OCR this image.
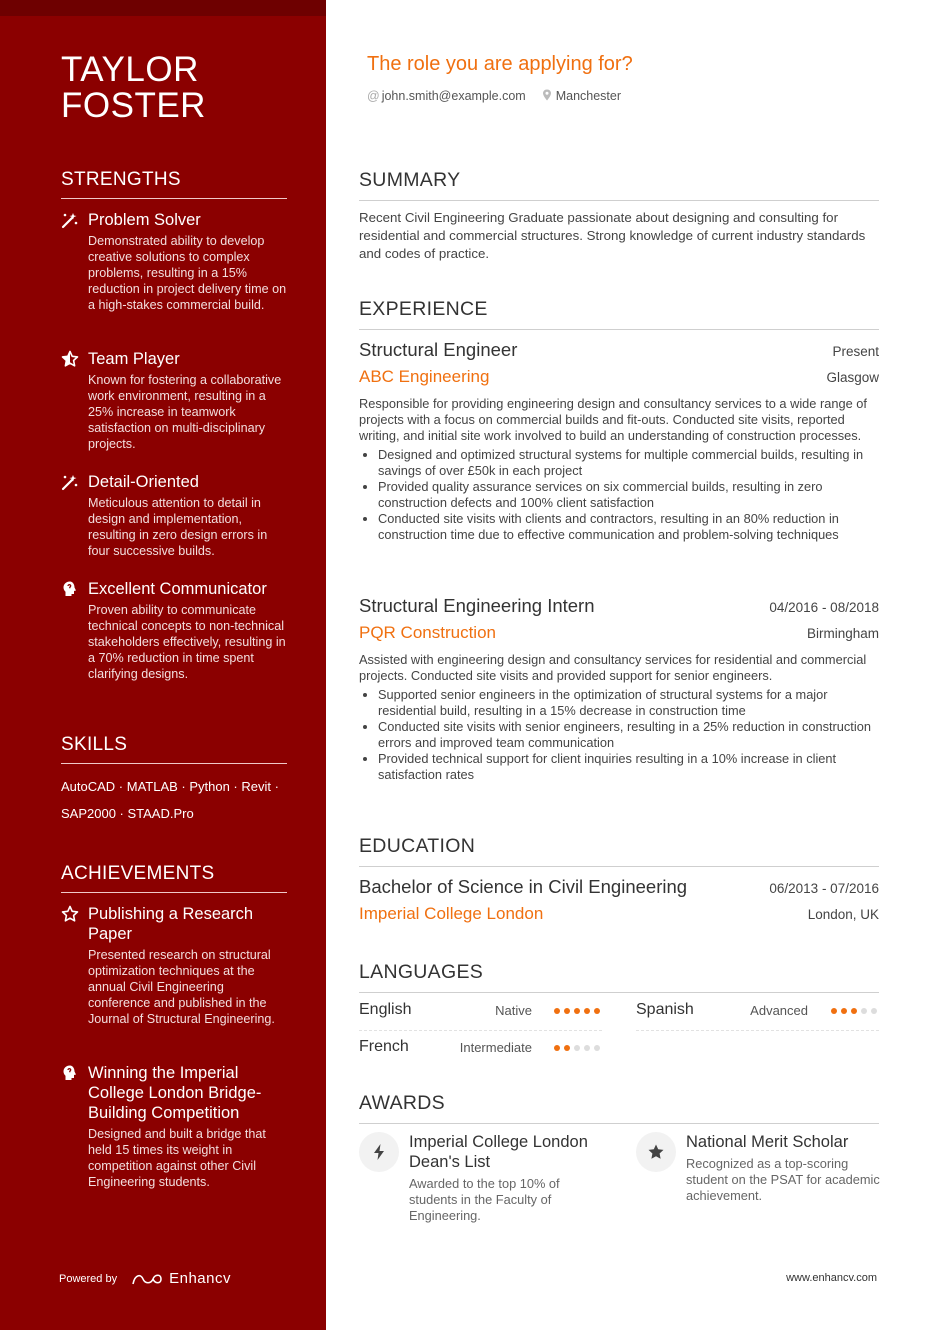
TAYLOR
FOSTER
STRENGTHS
Problem Solver
Demonstrated ability to develop creative solutions to complex problems, resulting in a 15% reduction in project delivery time on a high-stakes commercial build.
Team Player
Known for fostering a collaborative work environment, resulting in a 25% increase in teamwork satisfaction on multi-disciplinary projects.
Detail-Oriented
Meticulous attention to detail in design and implementation, resulting in zero design errors in four successive builds.
Excellent Communicator
Proven ability to communicate technical concepts to non-technical stakeholders effectively, resulting in a 70% reduction in time spent clarifying designs.
SKILLS
AutoCAD · MATLAB · Python · Revit ·
SAP2000 · STAAD.Pro
ACHIEVEMENTS
Publishing a Research Paper
Presented research on structural optimization techniques at the annual Civil Engineering conference and published in the Journal of Structural Engineering.
Winning the Imperial College London Bridge-Building Competition
Designed and built a bridge that held 15 times its weight in competition against other Civil Engineering students.
Powered by	Enhancv
The role you are applying for?
@ john.smith@example.com	Manchester
SUMMARY
Recent Civil Engineering Graduate passionate about designing and consulting for residential and commercial structures. Strong knowledge of current industry standards and codes of practice.
EXPERIENCE
Structural Engineer	Present
ABC Engineering	Glasgow
Responsible for providing engineering design and consultancy services to a wide range of projects with a focus on commercial builds and fit-outs. Conducted site visits, reported writing, and initial site work involved to build an understanding of construction processes.
• Designed and optimized structural systems for multiple commercial builds, resulting in savings of over £50k in each project
• Provided quality assurance services on six commercial builds, resulting in zero construction defects and 100% client satisfaction
• Conducted site visits with clients and contractors, resulting in an 80% reduction in construction time due to effective communication and problem-solving techniques
Structural Engineering Intern	04/2016 - 08/2018
PQR Construction	Birmingham
Assisted with engineering design and consultancy services for residential and commercial projects. Conducted site visits and provided support for senior engineers.
• Supported senior engineers in the optimization of structural systems for a major residential build, resulting in a 15% decrease in construction time
• Conducted site visits with senior engineers, resulting in a 25% reduction in construction errors and improved team communication
• Provided technical support for client inquiries resulting in a 10% increase in client satisfaction rates
EDUCATION
Bachelor of Science in Civil Engineering	06/2013 - 07/2016
Imperial College London	London, UK
LANGUAGES
English	Native	Spanish	Advanced
French	Intermediate
AWARDS
Imperial College London Dean's List
Awarded to the top 10% of students in the Faculty of Engineering.
National Merit Scholar
Recognized as a top-scoring student on the PSAT for academic achievement.
www.enhancv.com
